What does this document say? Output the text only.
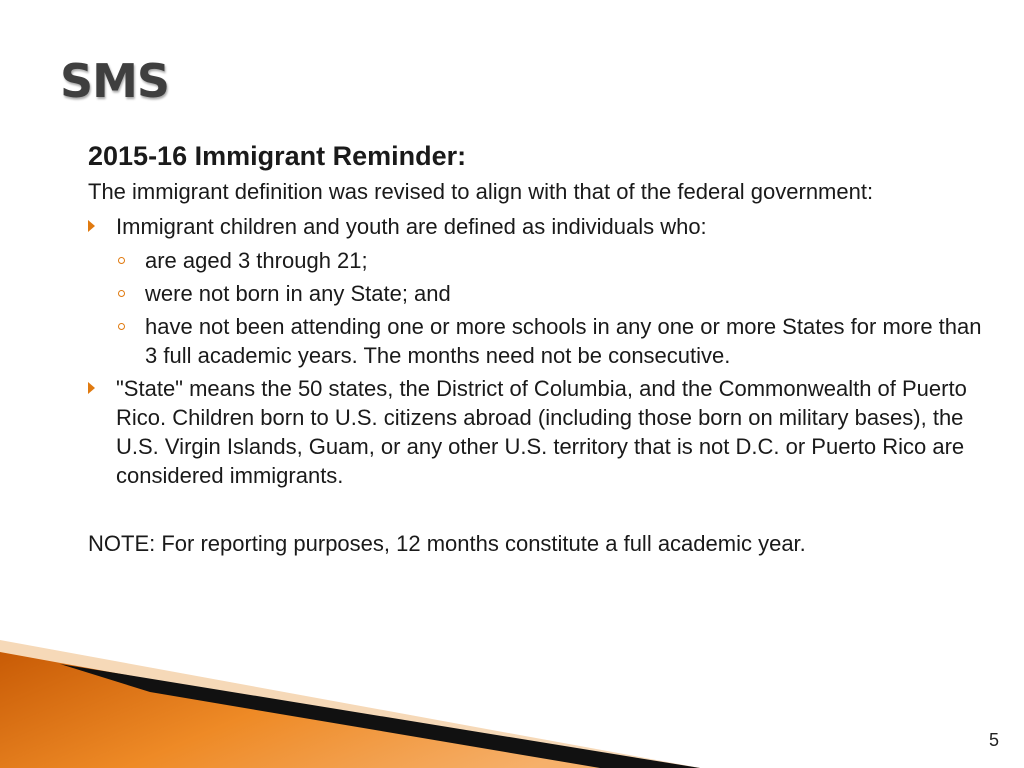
SMS
2015-16 Immigrant Reminder:
The immigrant definition was revised to align with that of the federal government:
Immigrant children and youth are defined as individuals who:
are aged 3 through 21;
were not born in any State; and
have not been attending one or more schools in any one or more States for more than 3 full academic years. The months need not be consecutive.
"State" means the 50 states, the District of Columbia, and the Commonwealth of Puerto Rico. Children born to U.S. citizens abroad (including those born on military bases), the U.S. Virgin Islands, Guam, or any other U.S. territory that is not D.C. or Puerto Rico are considered immigrants.
NOTE: For reporting purposes, 12 months constitute a full academic year.
5
